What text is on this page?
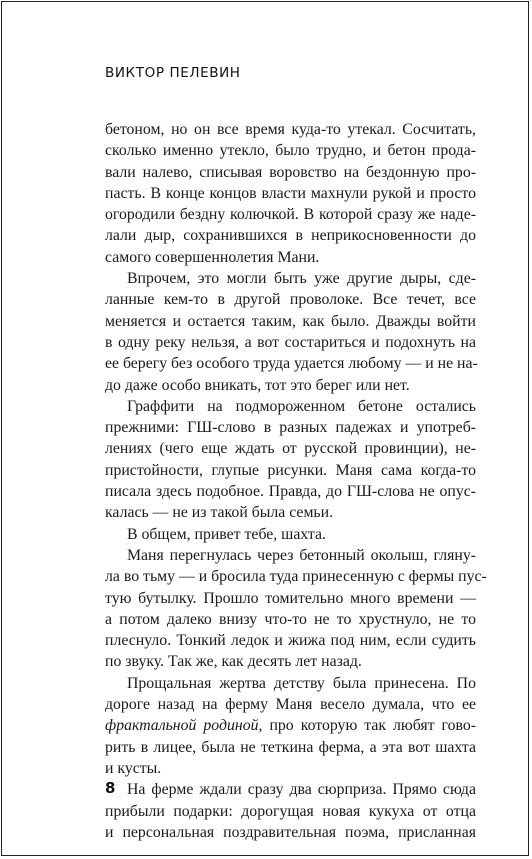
ВИКТОР ПЕЛЕВИН
бетоном, но он все время куда-то утекал. Сосчитать,
сколько именно утекло, было трудно, и бетон прода-
вали налево, списывая воровство на бездонную про-
пасть. В конце концов власти махнули рукой и просто
огородили бездну колючкой. В которой сразу же наде-
лали дыр, сохранившихся в неприкосновенности до
самого совершеннолетия Мани.
Впрочем, это могли быть уже другие дыры, сде-
ланные кем-то в другой проволоке. Все течет, все
меняется и остается таким, как было. Дважды войти
в одну реку нельзя, а вот состариться и подохнуть на
ее берегу без особого труда удается любому — и не на-
до даже особо вникать, тот это берег или нет.
Граффити на подмороженном бетоне остались
прежними: ГШ-слово в разных падежах и употреб-
лениях (чего еще ждать от русской провинции), не-
пристойности, глупые рисунки. Маня сама когда-то
писала здесь подобное. Правда, до ГШ-слова не опус-
калась — не из такой была семьи.
В общем, привет тебе, шахта.
Маня перегнулась через бетонный околыш, гляну-
ла во тьму — и бросила туда принесенную с фермы пус-
тую бутылку. Прошло томительно много времени —
а потом далеко внизу что-то не то хрустнуло, не то
плеснуло. Тонкий ледок и жижа под ним, если судить
по звуку. Так же, как десять лет назад.
Прощальная жертва детству была принесена. По
дороге назад на ферму Маня весело думала, что ее
фрактальной родиной, про которую так любят гово-
рить в лицее, была не теткина ферма, а эта вот шахта
и кусты.
На ферме ждали сразу два сюрприза. Прямо сюда
прибыли подарки: дорогущая новая кукуха от отца
и персональная поздравительная поэма, присланная
8
